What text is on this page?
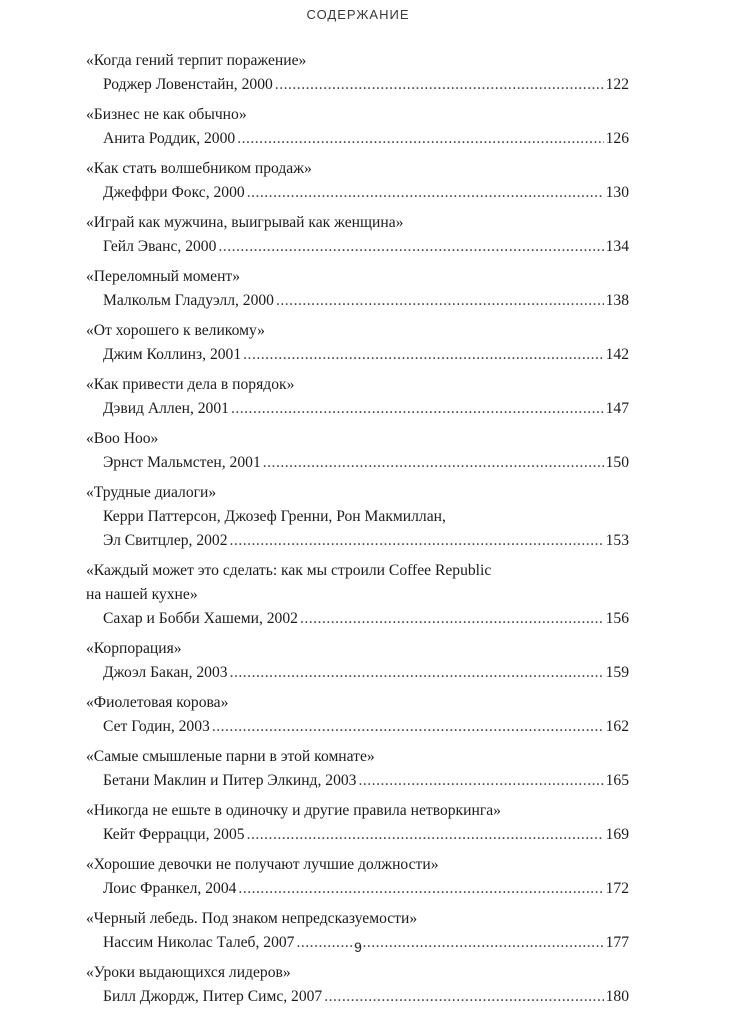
СОДЕРЖАНИЕ
«Когда гений терпит поражение»
Роджер Ловенстайн, 2000 .....	122
«Бизнес не как обычно»
Анита Роддик, 2000 .....	126
«Как стать волшебником продаж»
Джеффри Фокс, 2000 .....	130
«Играй как мужчина, выигрывай как женщина»
Гейл Эванс, 2000 .....	134
«Переломный момент»
Малкольм Гладуэлл, 2000 .....	138
«От хорошего к великому»
Джим Коллинз, 2001 .....	142
«Как привести дела в порядок»
Дэвид Аллен, 2001 .....	147
«Воо Ноо»
Эрнст Мальмстен, 2001 .....	150
«Трудные диалоги»
Керри Паттерсон, Джозеф Гренни, Рон Макмиллан,
Эл Свитцлер, 2002 .....	153
«Каждый может это сделать: как мы строили Coffee Republic
на нашей кухне»
Сахар и Бобби Хашеми, 2002 .....	156
«Корпорация»
Джоэл Бакан, 2003 .....	159
«Фиолетовая корова»
Сет Годин, 2003 .....	162
«Самые смышленые парни в этой комнате»
Бетани Маклин и Питер Элкинд, 2003 .....	165
«Никогда не ешьте в одиночку и другие правила нетворкинга»
Кейт Феррацци, 2005 .....	169
«Хорошие девочки не получают лучшие должности»
Лоис Франкел, 2004 .....	172
«Черный лебедь. Под знаком непредсказуемости»
Нассим Николас Талеб, 2007 .....	177
«Уроки выдающихся лидеров»
Билл Джордж, Питер Симс, 2007 .....	180
9
